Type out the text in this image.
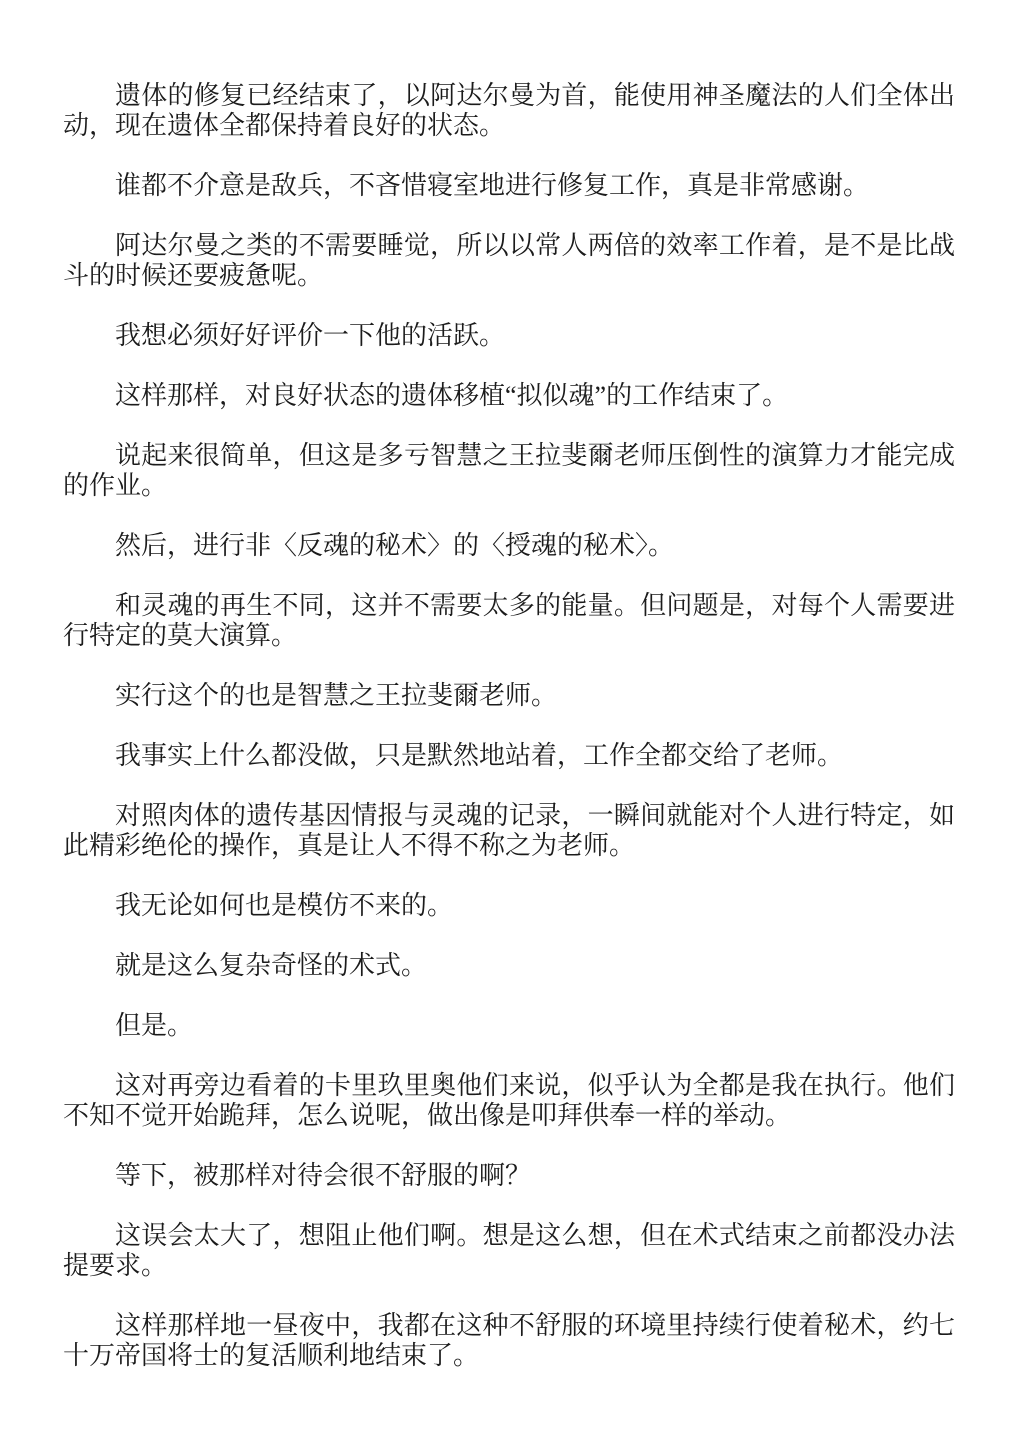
遗体的修复已经结束了，以阿达尔曼为首，能使用神圣魔法的人们全体出动，现在遗体全都保持着良好的状态。

谁都不介意是敌兵，不吝惜寝室地进行修复工作，真是非常感谢。

阿达尔曼之类的不需要睡觉，所以以常人两倍的效率工作着，是不是比战斗的时候还要疲惫呢。

我想必须好好评价一下他的活跃。

这样那样，对良好状态的遗体移植“拟似魂”的工作结束了。

说起来很简单，但这是多亏智慧之王拉斐爾老师压倒性的演算力才能完成的作业。

然后，进行非〈反魂的秘术〉的〈授魂的秘术〉。

和灵魂的再生不同，这并不需要太多的能量。但问题是，对每个人需要进行特定的莫大演算。

实行这个的也是智慧之王拉斐爾老师。

我事实上什么都没做，只是默然地站着，工作全都交给了老师。

对照肉体的遗传基因情报与灵魂的记录，一瞬间就能对个人进行特定，如此精彩绝伦的操作，真是让人不得不称之为老师。

我无论如何也是模仿不来的。

就是这么复杂奇怪的术式。

但是。

这对再旁边看着的卡里玖里奥他们来说，似乎认为全都是我在执行。他们不知不觉开始跪拜，怎么说呢，做出像是叩拜供奉一样的举动。

等下，被那样对待会很不舒服的啊？

这误会太大了，想阻止他们啊。想是这么想，但在术式结束之前都没办法提要求。

这样那样地一昼夜中，我都在这种不舒服的环境里持续行使着秘术，约七十万帝国将士的复活顺利地结束了。
